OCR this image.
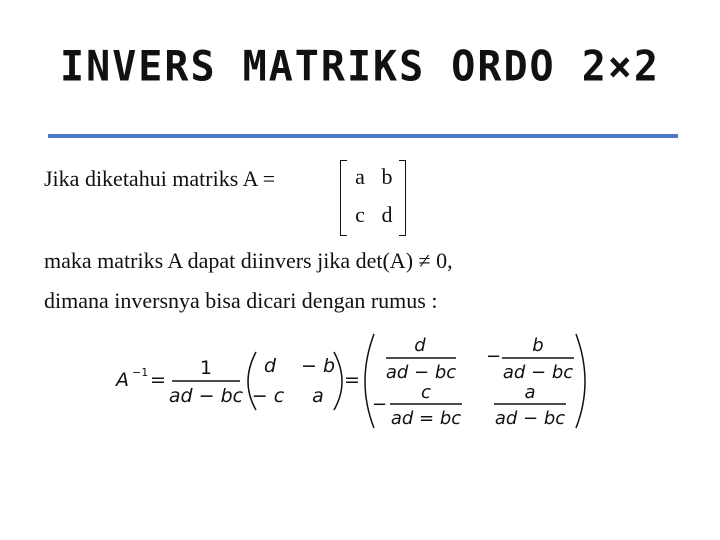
INVERS MATRIKS ORDO 2×2
Jika diketahui matriks A =	a b
c d
maka matriks A dapat diinvers jika det(A) ≠ 0,
dimana inversnya bisa dicari dengan rumus :
A −1 =
1
ad − bc
d − b
− c a
=
d
ad − bc
−
b
ad − bc
−
c
ad = bc
a
ad − bc
